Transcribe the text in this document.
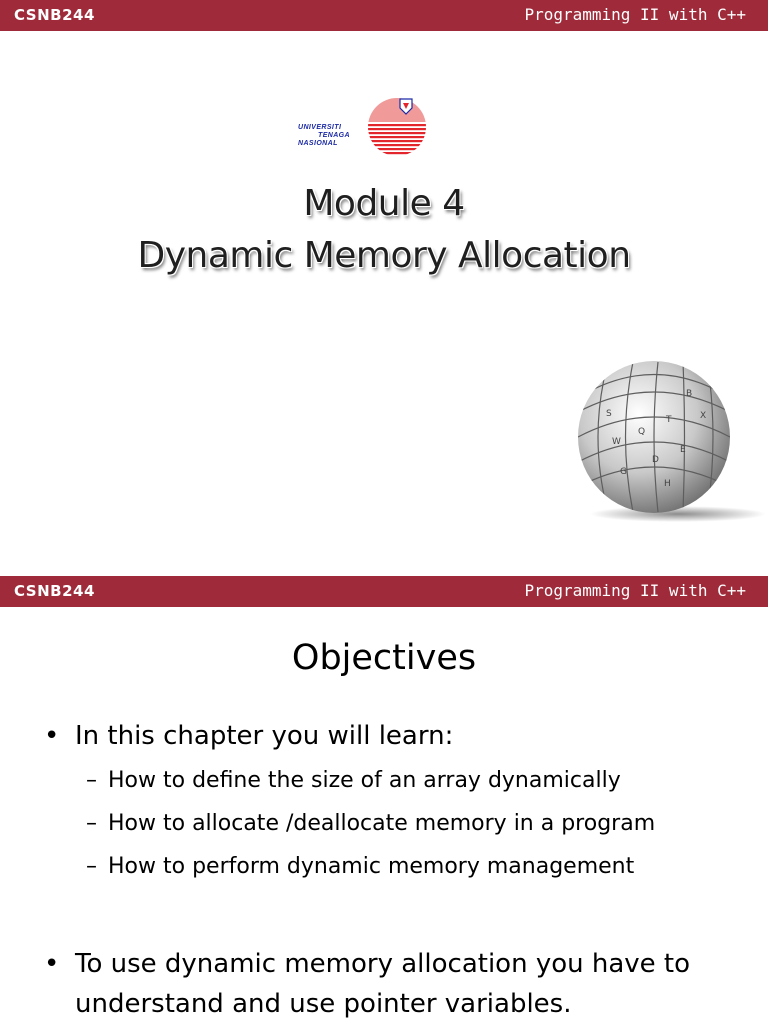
CSNB244	Programming II with C++
UNIVERSITI
TENAGA
NASIONAL
Module 4
Dynamic Memory Allocation
W
Q
T
B
E
G
D
X
S
H
CSNB244	Programming II with C++
Objectives
• In this chapter you will learn:
– How to define the size of an array dynamically
– How to allocate /deallocate memory in a program
– How to perform dynamic memory management
• To use dynamic memory allocation you have to understand and use pointer variables.
